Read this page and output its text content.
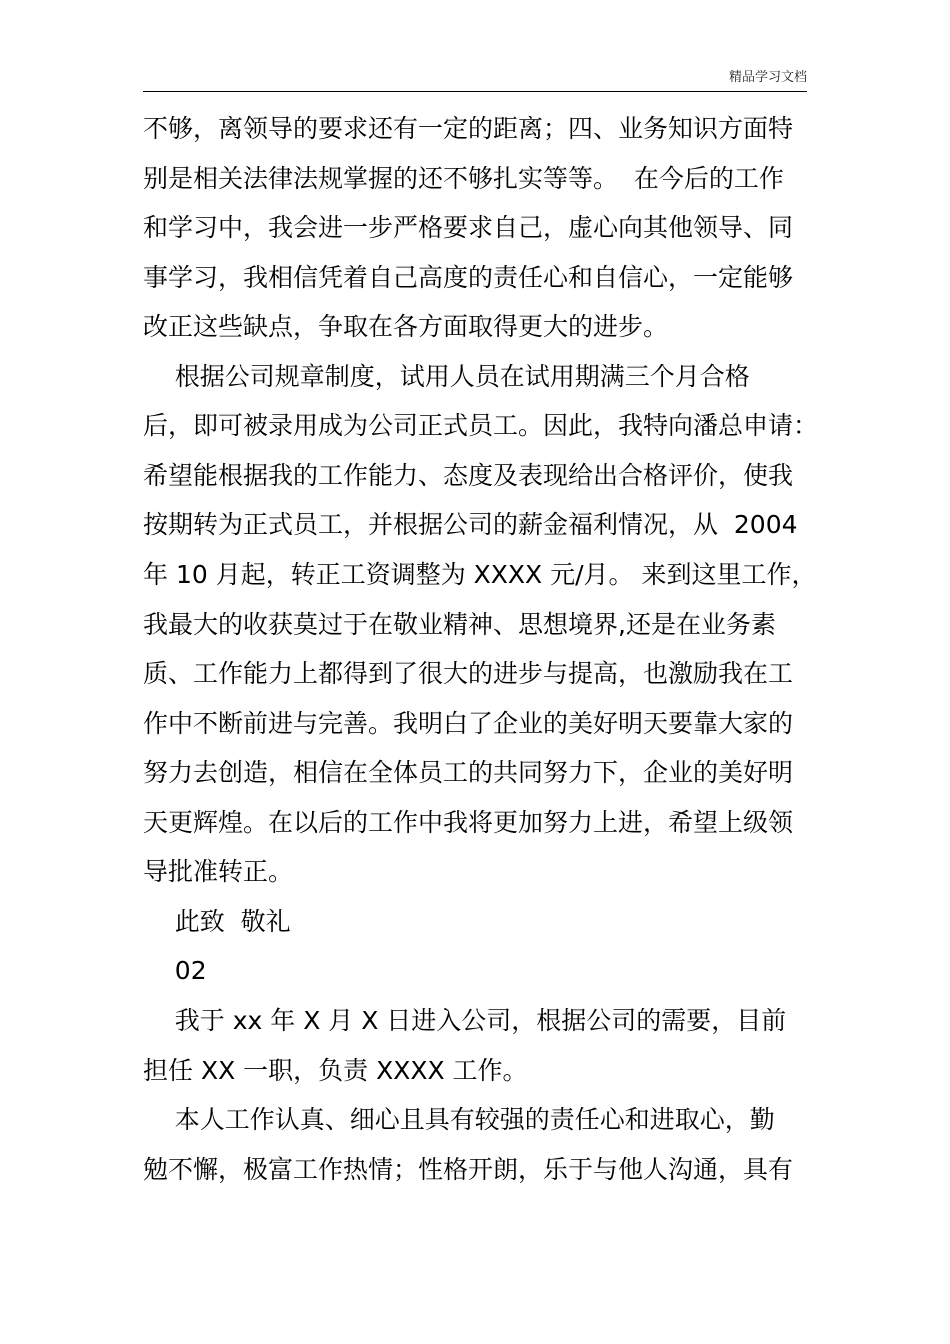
精品学习文档
不够，离领导的要求还有一定的距离；四、业务知识方面特
别是相关法律法规掌握的还不够扎实等等。  在今后的工作
和学习中，我会进一步严格要求自己，虚心向其他领导、同
事学习，我相信凭着自己高度的责任心和自信心，一定能够
改正这些缺点，争取在各方面取得更大的进步。
根据公司规章制度，试用人员在试用期满三个月合格
后，即可被录用成为公司正式员工。因此，我特向潘总申请：
希望能根据我的工作能力、态度及表现给出合格评价，使我
按期转为正式员工，并根据公司的薪金福利情况，从  2004
年 10 月起，转正工资调整为 XXXX 元/月。 来到这里工作，
我最大的收获莫过于在敬业精神、思想境界,还是在业务素
质、工作能力上都得到了很大的进步与提高，也激励我在工
作中不断前进与完善。我明白了企业的美好明天要靠大家的
努力去创造，相信在全体员工的共同努力下，企业的美好明
天更辉煌。在以后的工作中我将更加努力上进，希望上级领
导批准转正。
此致  敬礼
02
我于 xx 年 X 月 X 日进入公司，根据公司的需要，目前
担任 XX 一职，负责 XXXX 工作。
本人工作认真、细心且具有较强的责任心和进取心，勤
勉不懈，极富工作热情；性格开朗，乐于与他人沟通，具有
